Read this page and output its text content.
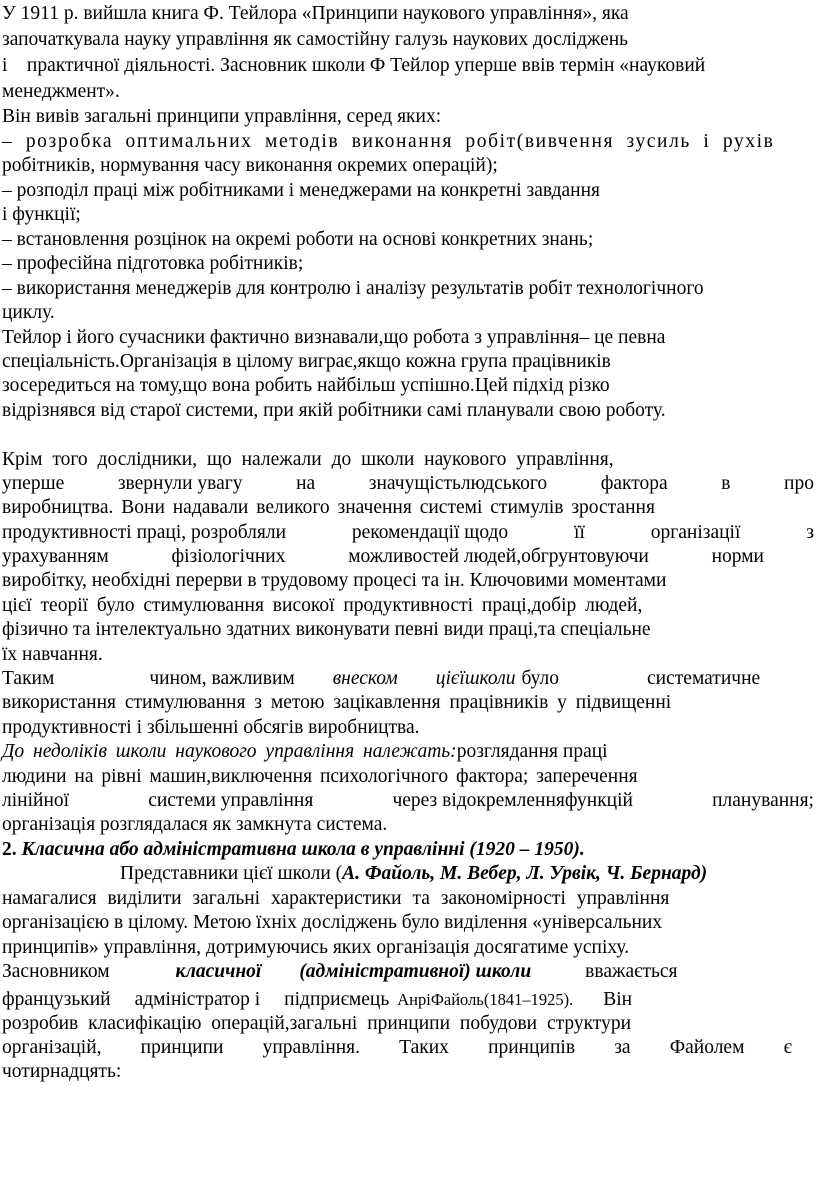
У 1911 р. вийшла книга Ф. Тейлора «Принципи наукового управління», яка
започаткувала науку управління як самостійну галузь наукових досліджень
і    практичної діяльності. Засновник школи Ф Тейлор уперше ввів термін «науковий
менеджмент».
Він вивів загальні принципи управління, серед яких:
– розробка оптимальних методів виконання робіт(вивчення зусиль і рухів
робітників, нормування часу виконання окремих операцій);
– розподіл праці між робітниками і менеджерами на конкретні завдання
і функції;
– встановлення розцінок на окремі роботи на основі конкретних знань;
– професійна підготовка робітників;
– використання менеджерів для контролю і аналізу результатів робіт технологічного
циклу.
Тейлор і його сучасники фактично визнавали,що робота з управління– це певна
спеціальність.Організація в цілому виграє,якщо кожна група працівників
зосередиться на тому,що вона робить найбільш успішно.Цей підхід різко
відрізнявся від старої системи, при якій робітники самі планували свою роботу.
Крім того дослідники, що належали до школи наукового управління,
уперше	звернули увагу	на	значущістьлюдського	фактора	в	про
виробництва. Вони надавали великого значення системі стимулів зростання
продуктивності праці, розробляли	рекомендації щодо	її	організації	з
урахуванням	фізіологічних	можливостей людей,обгрунтовуючи	норми
виробітку, необхідні перерви в трудовому процесі та ін. Ключовими моментами
цієї теорії було стимулювання високої продуктивності праці,добір людей,
фізично та інтелектуально здатних виконувати певні види праці,та спеціальне
їх навчання.
Таким	чином, важливим внеском цієїшколи було	систематичне
використання стимулювання з метою зацікавлення працівників у підвищенні
продуктивності і збільшенні обсягів виробництва.
До недоліків школи наукового управління належать:розглядання праці
людини на рівні машин,виключення психологічного фактора; заперечення
лінійної	системи управління	через відокремленняфункцій	планування;
організація розглядалася як замкнута система.
2. Класична або адміністративна школа в управлінні (1920 – 1950).
Представники цієї школи (А. Файоль, М. Вебер, Л. Урвік, Ч. Бернард)
намагалися виділити загальні характеристики та закономірності управління
організацією в цілому. Метою їхніх досліджень було виділення «універсальних
принципів» управління, дотримуючись яких організація досягатиме успіху.
Засновником	класичної (адміністративної) школи	вважається
французький адміністратор і підприємець АнріФайоль(1841–1925). Він
розробив класифікацію операцій,загальні принципи побудови структури
організацій, принципи управління. Таких принципів за Файолем є
чотирнадцять:
